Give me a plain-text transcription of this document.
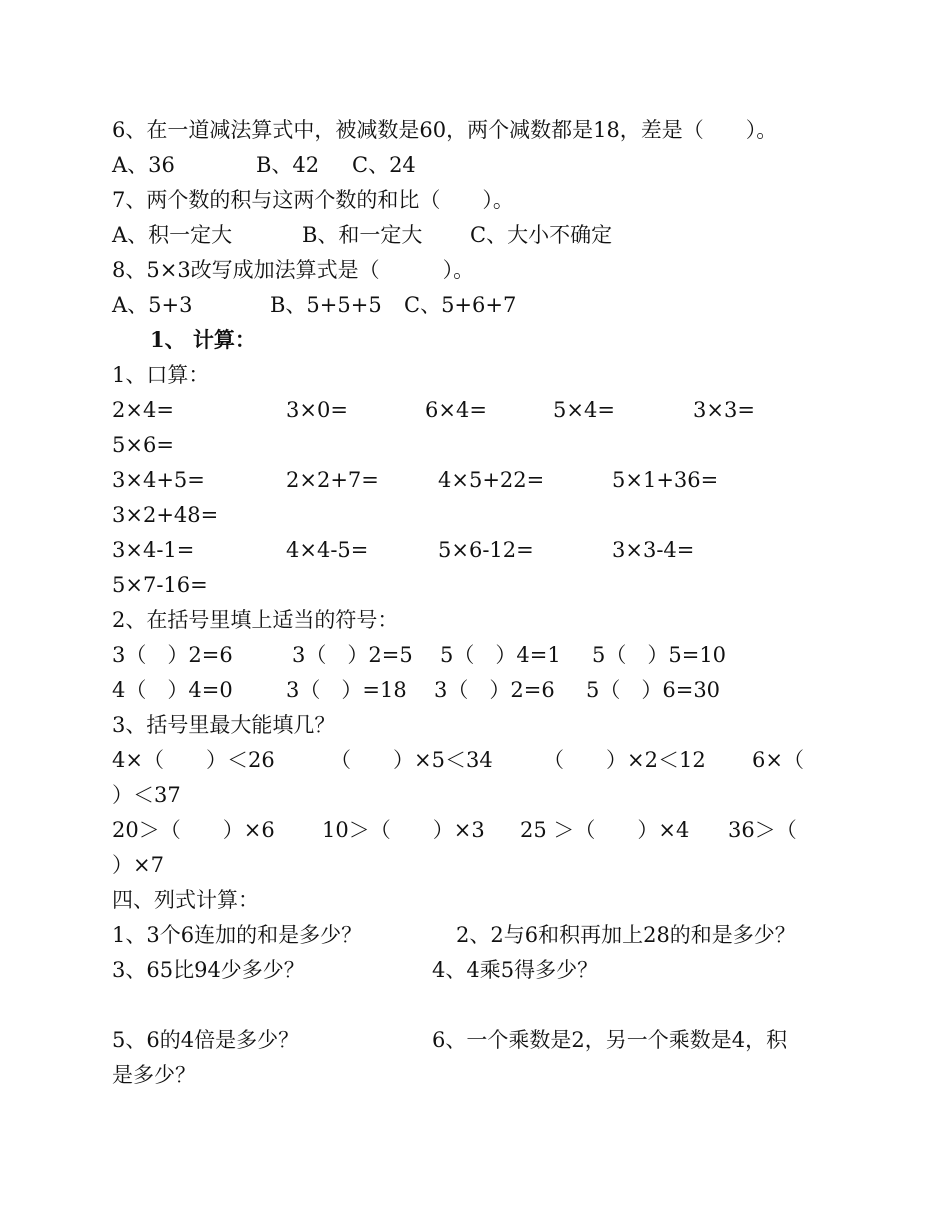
6、在一道减法算式中，被减数是60，两个减数都是18，差是（　　）。
A、36	B、42 C、24
7、两个数的积与这两个数的和比（　　）。
A、积一定大	B、和一定大 C、大小不确定
8、5×3改写成加法算式是（　　　）。
A、5+3	B、5+5+5 C、5+6+7
1、 计算：
1、口算：
2×4=	3×0=	6×4=	5×4=	3×3=
5×6=
3×4+5=	2×2+7=	4×5+22=	5×1+36=
3×2+48=
3×4-1=	4×4-5=	5×6-12=	3×3-4=
5×7-16=
2、在括号里填上适当的符号：
3（　）2=6	3（　）2=5 5（　）4=1 5（　）5=10
4（　）4=0	3（　）=18 3（　）2=6 5（　）6=30
3、括号里最大能填几？
4×（　　）＜26	（　　）×5＜34 （　　）×2＜12 6×（
）＜37
20＞（　　）×6 10＞（　　）×3 25 ＞（　　）×4 36＞（
）×7
四、列式计算：
1、3个6连加的和是多少？	2、2与6和积再加上28的和是多少？
3、65比94少多少？	4、4乘5得多少？
5、6的4倍是多少？	6、一个乘数是2，另一个乘数是4，积
是多少？
